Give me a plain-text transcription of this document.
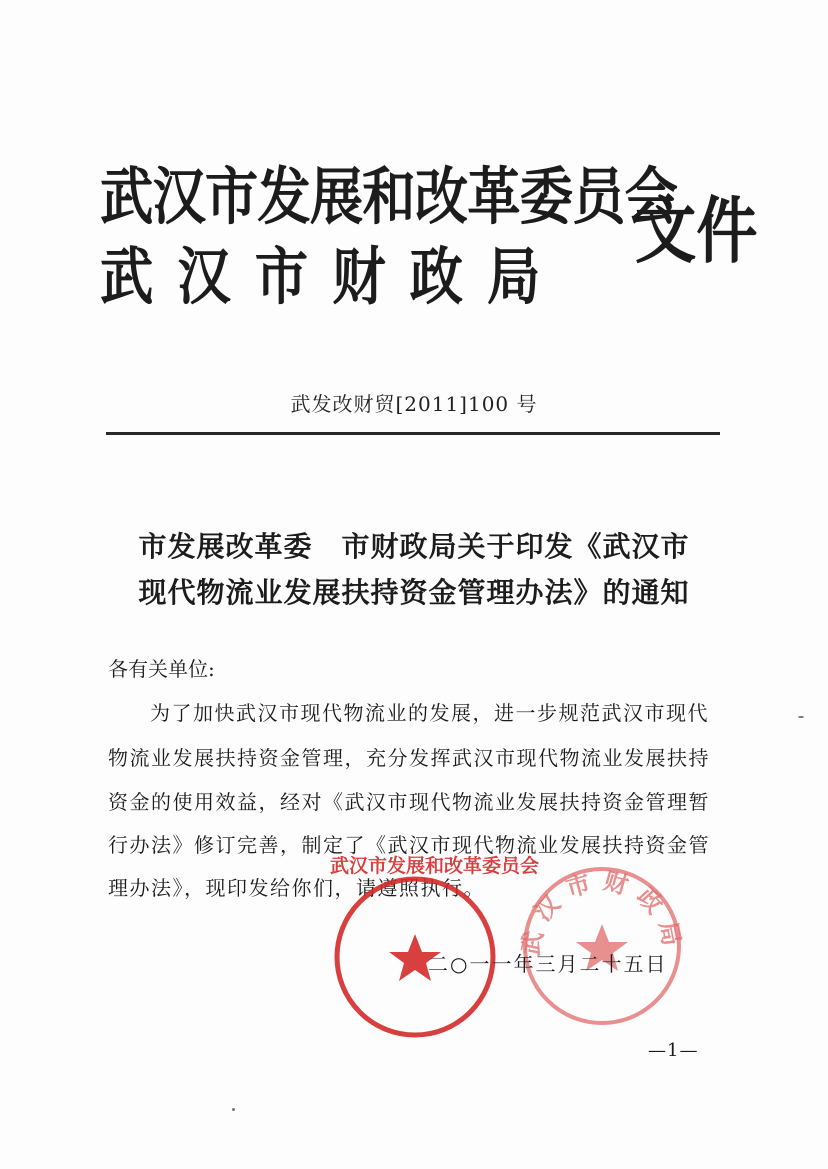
武汉市发展和改革委员会
武汉市财政局
文件
武发改财贸[2011]100 号
市发展改革委　市财政局关于印发《武汉市
现代物流业发展扶持资金管理办法》的通知
各有关单位:
为了加快武汉市现代物流业的发展，进一步规范武汉市现代
物流业发展扶持资金管理，充分发挥武汉市现代物流业发展扶持
资金的使用效益，经对《武汉市现代物流业发展扶持资金管理暂
行办法》修订完善，制定了《武汉市现代物流业发展扶持资金管
理办法》，现印发给你们，请遵照执行。
武汉市发展和改革委员会
武汉市财政局
二○一一年三月二十五日
—1—
